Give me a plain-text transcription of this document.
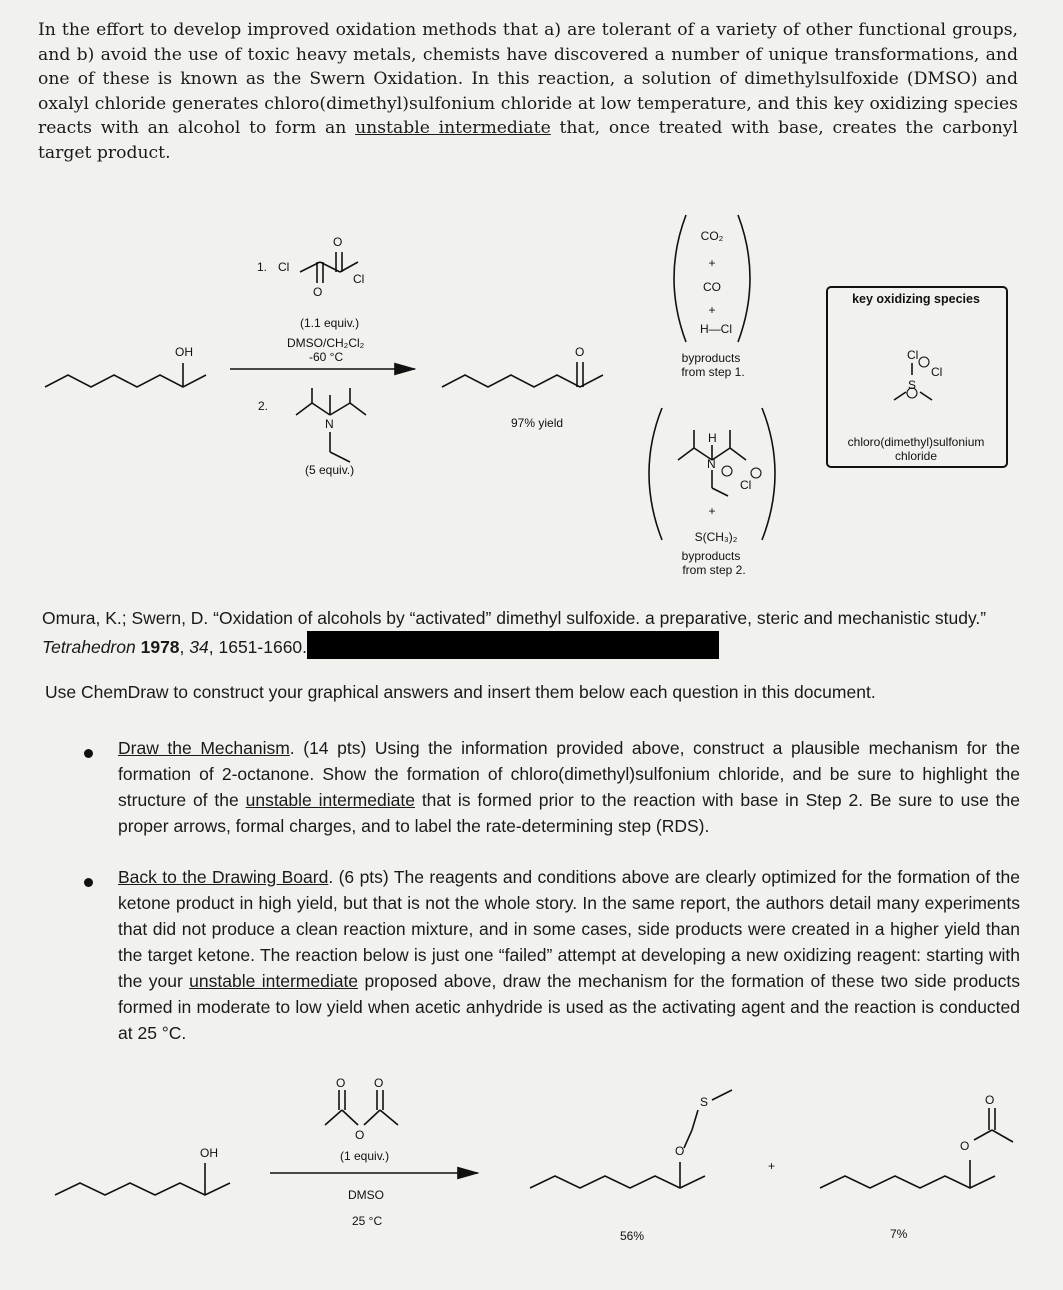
In the effort to develop improved oxidation methods that a) are tolerant of a variety of other functional groups, and b) avoid the use of toxic heavy metals, chemists have discovered a number of unique transformations, and one of these is known as the Swern Oxidation. In this reaction, a solution of dimethylsulfoxide (DMSO) and oxalyl chloride generates chloro(dimethyl)sulfonium chloride at low temperature, and this key oxidizing species reacts with an alcohol to form an unstable intermediate that, once treated with base, creates the carbonyl target product.
OH
1. Cl
Cl
O
O
(1.1 equiv.)
DMSO/CH₂Cl₂
-60 °C
2.
N
(5 equiv.)
O
97% yield
CO₂
+
CO
+
H—Cl
byproducts
from step 1.
H
N
Cl
+
S(CH₃)₂
byproducts
from step 2.
key oxidizing species
Cl
S
Cl
chloro(dimethyl)sulfonium
chloride
OH
O O
O
(1 equiv.)
DMSO
25 °C
S
O
+
O
O
56%	7%
Omura, K.; Swern, D. “Oxidation of alcohols by “activated” dimethyl sulfoxide. a preparative, steric and mechanistic study.” Tetrahedron 1978, 34, 1651-1660.
Use ChemDraw to construct your graphical answers and insert them below each question in this document.
Draw the Mechanism. (14 pts) Using the information provided above, construct a plausible mechanism for the formation of 2-octanone. Show the formation of chloro(dimethyl)sulfonium chloride, and be sure to highlight the structure of the unstable intermediate that is formed prior to the reaction with base in Step 2. Be sure to use the proper arrows, formal charges, and to label the rate-determining step (RDS).
Back to the Drawing Board. (6 pts) The reagents and conditions above are clearly optimized for the formation of the ketone product in high yield, but that is not the whole story. In the same report, the authors detail many experiments that did not produce a clean reaction mixture, and in some cases, side products were created in a higher yield than the target ketone. The reaction below is just one “failed” attempt at developing a new oxidizing reagent: starting with the your unstable intermediate proposed above, draw the mechanism for the formation of these two side products formed in moderate to low yield when acetic anhydride is used as the activating agent and the reaction is conducted at 25 °C.
